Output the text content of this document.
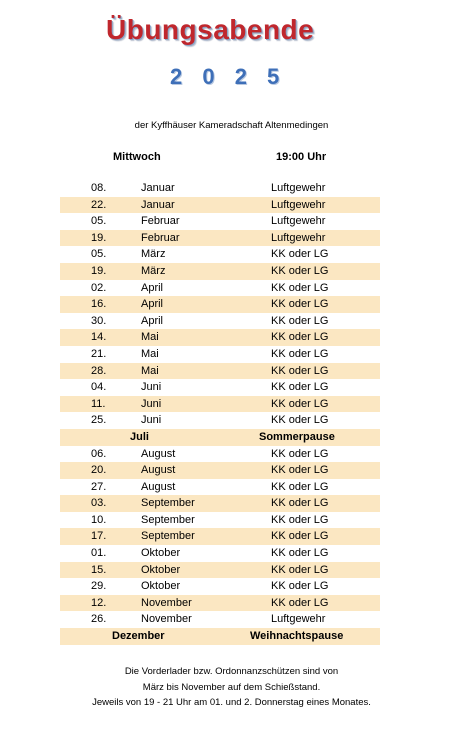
Übungsabende
2 0 2 5
der Kyffhäuser Kameradschaft Altenmedingen
Mittwoch	19:00 Uhr
08.	Januar	Luftgewehr
22.	Januar	Luftgewehr
05.	Februar	Luftgewehr
19.	Februar	Luftgewehr
05.	März	KK oder LG
19.	März	KK oder LG
02.	April	KK oder LG
16.	April	KK oder LG
30.	April	KK oder LG
14.	Mai	KK oder LG
21.	Mai	KK oder LG
28.	Mai	KK oder LG
04.	Juni	KK oder LG
11.	Juni	KK oder LG
25.	Juni	KK oder LG
Juli	Sommerpause
06.	August	KK oder LG
20.	August	KK oder LG
27.	August	KK oder LG
03.	September	KK oder LG
10.	September	KK oder LG
17.	September	KK oder LG
01.	Oktober	KK oder LG
15.	Oktober	KK oder LG
29.	Oktober	KK oder LG
12.	November	KK oder LG
26.	November	Luftgewehr
Dezember	Weihnachtspause
Die Vorderlader bzw. Ordonnanzschützen sind von
März bis November auf dem Schießstand.
Jeweils von 19 - 21 Uhr am 01. und 2. Donnerstag eines Monates.
